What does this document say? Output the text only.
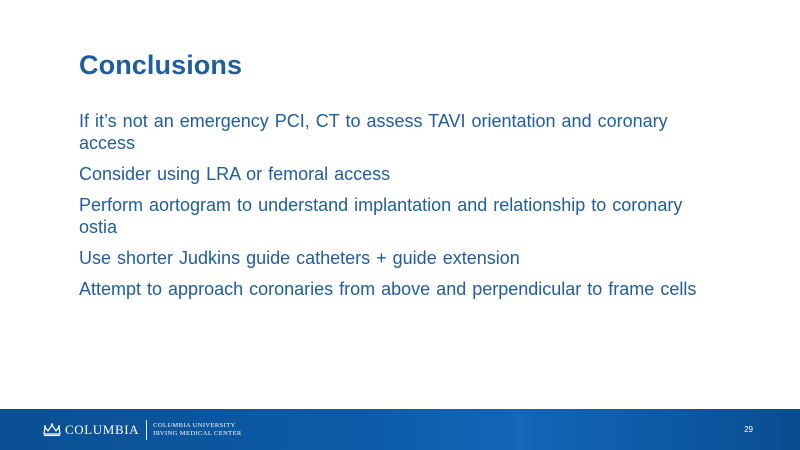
Conclusions
If it’s not an emergency PCI, CT to assess TAVI orientation and coronary access
Consider using LRA or femoral access
Perform aortogram to understand implantation and relationship to coronary ostia
Use shorter Judkins guide catheters + guide extension
Attempt to approach coronaries from above and perpendicular to frame cells
COLUMBIA COLUMBIA UNIVERSITY
IRVING MEDICAL CENTER	29
